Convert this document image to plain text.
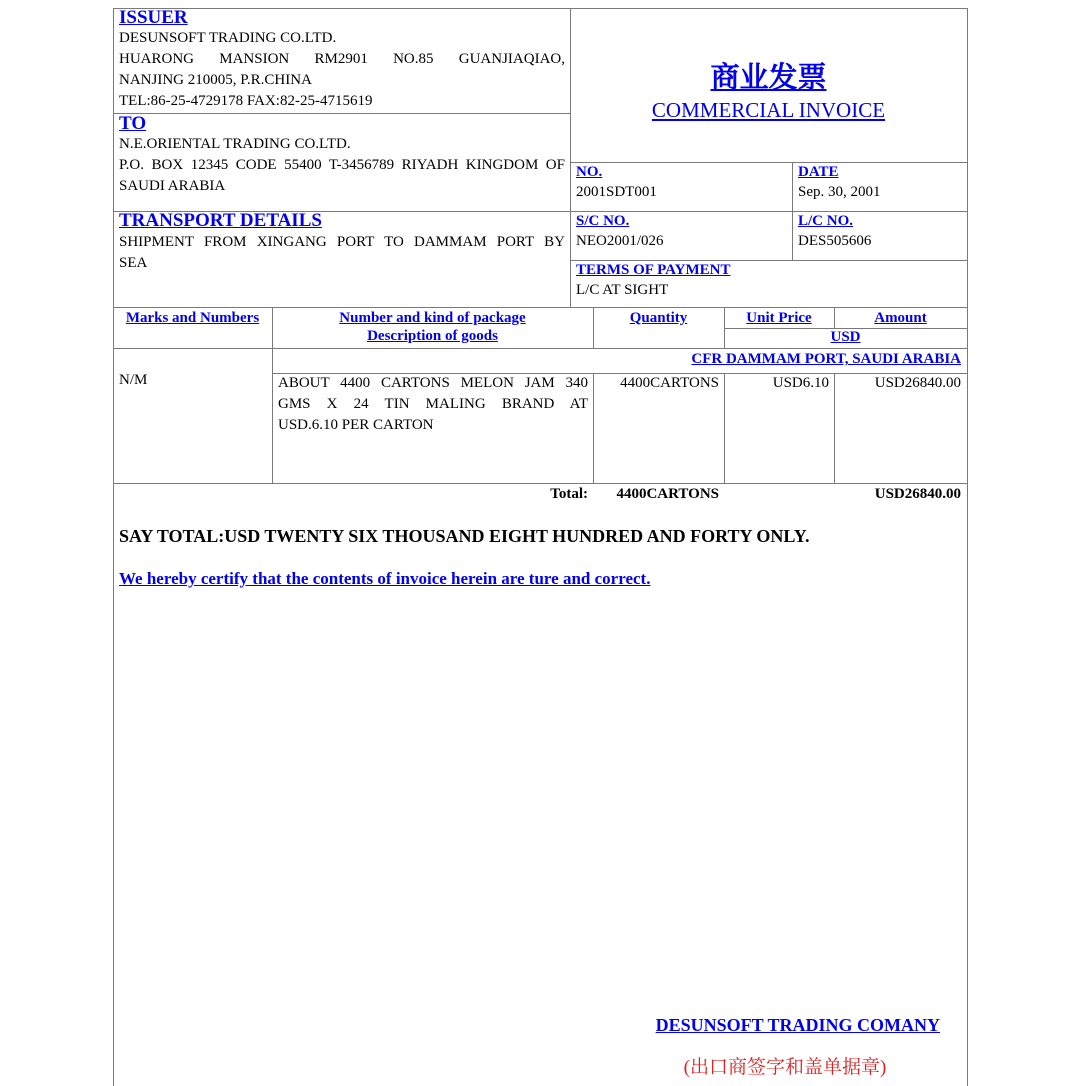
ISSUER
DESUNSOFT TRADING CO.LTD.
HUARONG MANSION RM2901 NO.85 GUANJIAQIAO,
NANJING 210005, P.R.CHINA
TEL:86-25-4729178 FAX:82-25-4715619
商业发票
COMMERCIAL INVOICE
TO
N.E.ORIENTAL TRADING CO.LTD.
P.O. BOX 12345 CODE 55400 T-3456789 RIYADH KINGDOM OF
SAUDI ARABIA
NO.
2001SDT001
DATE
Sep. 30, 2001
TRANSPORT DETAILS
SHIPMENT FROM XINGANG PORT TO DAMMAM PORT BY
SEA
S/C NO.
NEO2001/026
L/C NO.
DES505606
TERMS OF PAYMENT
L/C AT SIGHT
Marks and Numbers	Number and kind of package
Description of goods
Quantity	Unit Price	Amount
USD
CFR DAMMAM PORT, SAUDI ARABIA
N/M	ABOUT 4400 CARTONS MELON JAM 340
GMS X 24 TIN MALING BRAND AT
USD.6.10 PER CARTON
4400CARTONS	USD6.10	USD26840.00
Total:	4400CARTONS	USD26840.00
SAY TOTAL:USD TWENTY SIX THOUSAND EIGHT HUNDRED AND FORTY ONLY.
We hereby certify that the contents of invoice herein are ture and correct.
DESUNSOFT TRADING COMANY
(出口商签字和盖单据章)
